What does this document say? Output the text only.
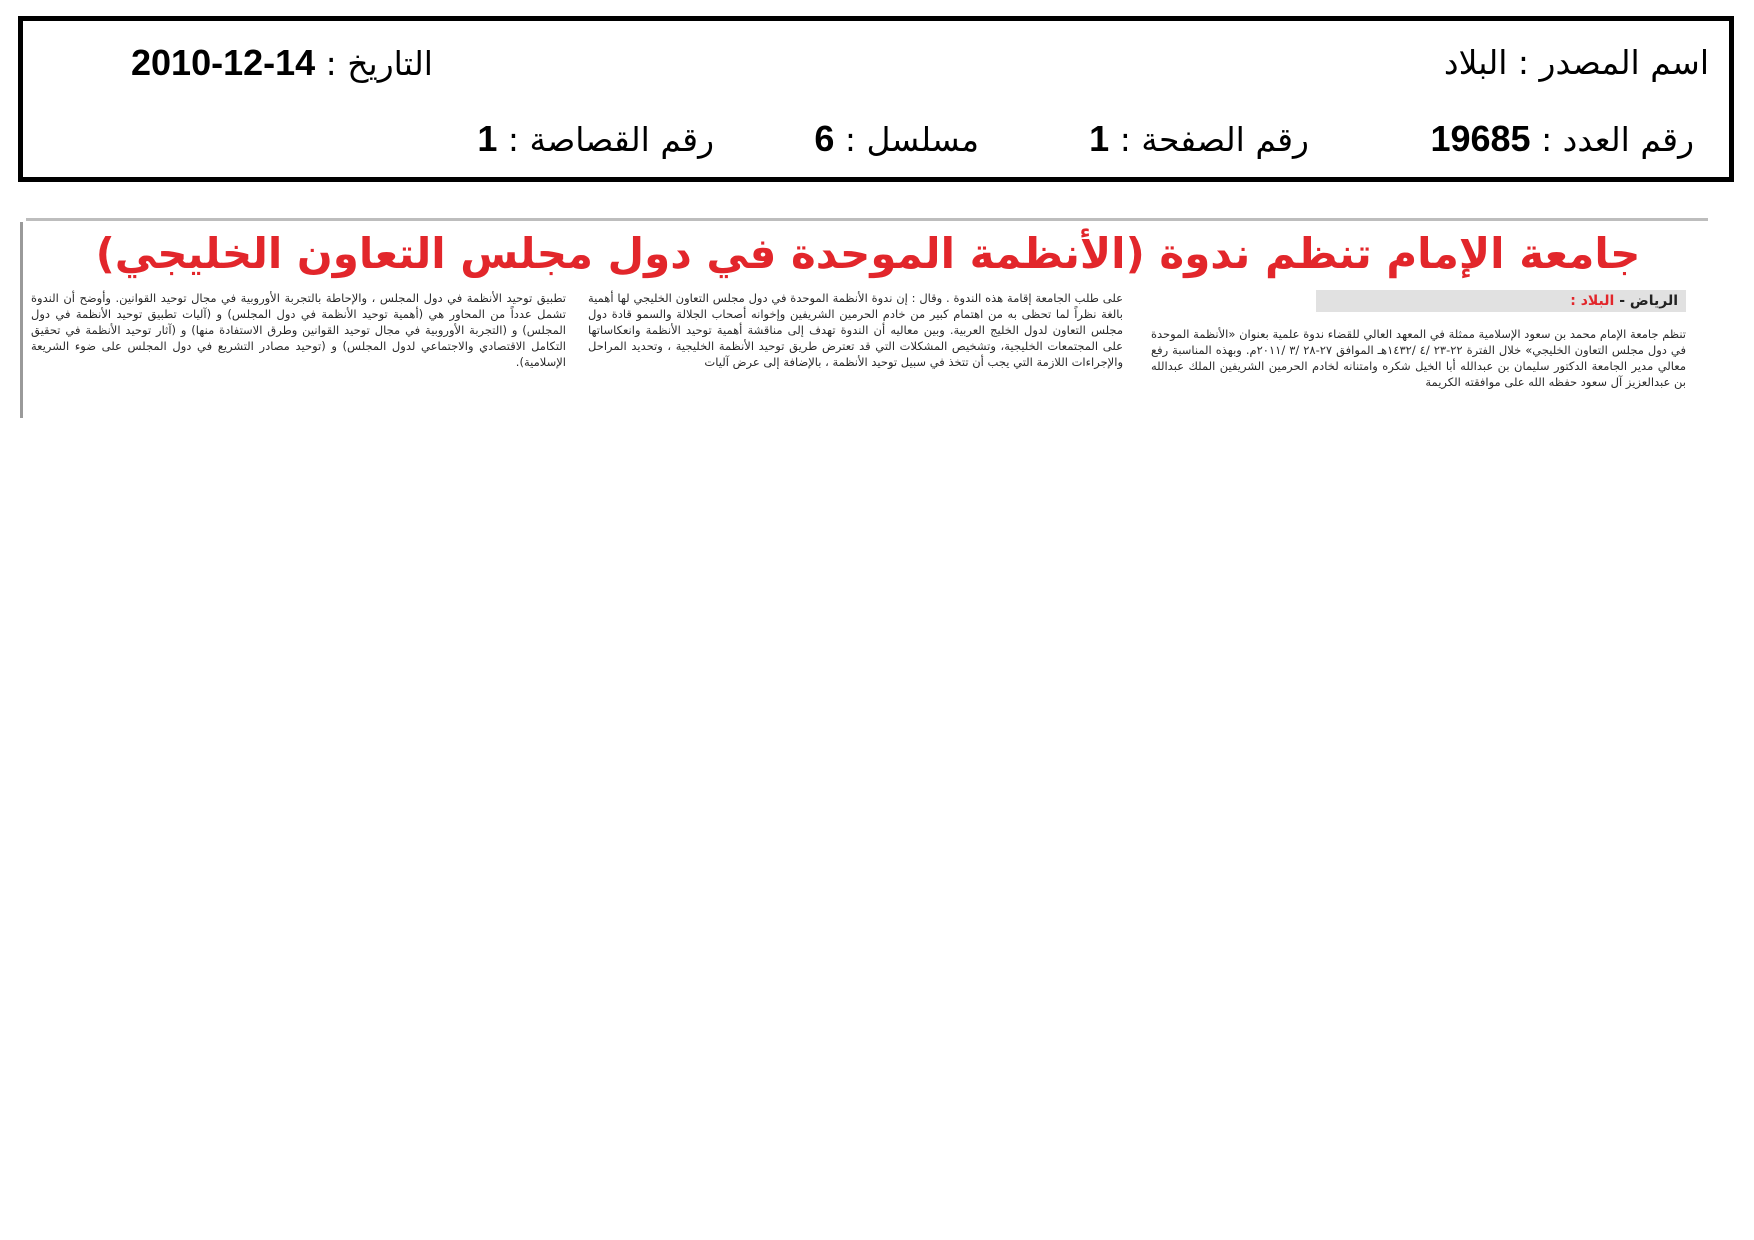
اسم المصدر : البلاد
التاريخ : 2010-12-14
رقم العدد : 19685
رقم الصفحة : 1
مسلسل : 6
رقم القصاصة : 1
جامعة الإمام تنظم ندوة (الأنظمة الموحدة في دول مجلس التعاون الخليجي)
الرياض - البلاد :
تنظم جامعة الإمام محمد بن سعود الإسلامية ممثلة في المعهد العالي للقضاء ندوة علمية بعنوان «الأنظمة الموحدة في دول مجلس التعاون الخليجي» خلال الفترة ٢٢-٢٣ /٤ /١٤٣٢هـ الموافق ٢٧-٢٨ /٣ /٢٠١١م. وبهذه المناسبة رفع معالي مدير الجامعة الدكتور سليمان بن عبدالله أبا الخيل شكره وامتنانه لخادم الحرمين الشريفين الملك عبدالله بن عبدالعزيز آل سعود حفظه الله على موافقته الكريمة
على طلب الجامعة إقامة هذه الندوة . وقال : إن ندوة الأنظمة الموحدة في دول مجلس التعاون الخليجي لها أهمية بالغة نظراً لما تحظى به من اهتمام كبير من خادم الحرمين الشريفين وإخوانه أصحاب الجلالة والسمو قادة دول مجلس التعاون لدول الخليج العربية. وبين معاليه أن الندوة تهدف إلى مناقشة أهمية توحيد الأنظمة وانعكاساتها على المجتمعات الخليجية، وتشخيص المشكلات التي قد تعترض طريق توحيد الأنظمة الخليجية ، وتحديد المراحل والإجراءات اللازمة التي يجب أن تتخذ في سبيل توحيد الأنظمة ، بالإضافة إلى عرض آليات
تطبيق توحيد الأنظمة في دول المجلس ، والإحاطة بالتجربة الأوروبية في مجال توحيد القوانين. وأوضح أن الندوة تشمل عدداً من المحاور هي (أهمية توحيد الأنظمة في دول المجلس) و (آليات تطبيق توحيد الأنظمة في دول المجلس) و (التجربة الأوروبية في مجال توحيد القوانين وطرق الاستفادة منها) و (آثار توحيد الأنظمة في تحقيق التكامل الاقتصادي والاجتماعي لدول المجلس) و (توحيد مصادر التشريع في دول المجلس على ضوء الشريعة الإسلامية).
